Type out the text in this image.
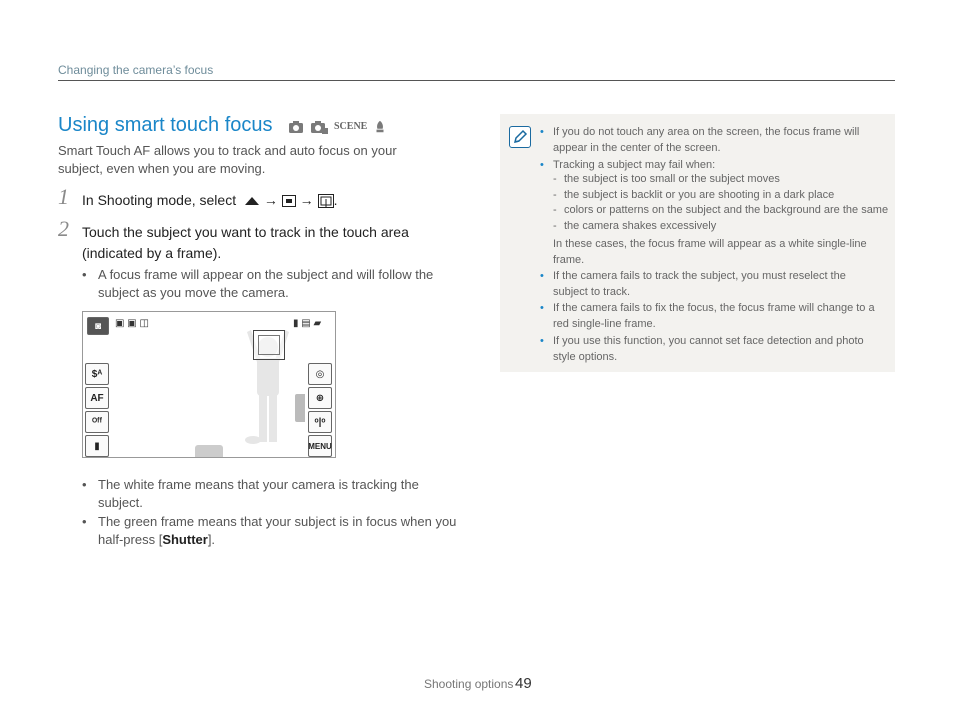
Changing the camera’s focus
Using smart touch focus	SCENE
Smart Touch AF allows you to track and auto focus on your subject, even when you are moving.
1 In Shooting mode, select → → .
2 Touch the subject you want to track in the touch area (indicated by a frame).
• A focus frame will appear on the subject and will follow the subject as you move the camera.
◙	▣ ▣ ◫	▮ ▤ ▰
$ᴬ
AF
ᴼᶠᶠ
▮
◎
⊕
ᵒ|ᵒ
MENU
• The white frame means that your camera is tracking the subject.
• The green frame means that your subject is in focus when you half-press [Shutter].
• If you do not touch any area on the screen, the focus frame will appear in the center of the screen.
• Tracking a subject may fail when:
- the subject is too small or the subject moves
- the subject is backlit or you are shooting in a dark place
- colors or patterns on the subject and the background are the same
- the camera shakes excessively
In these cases, the focus frame will appear as a white single-line frame.
• If the camera fails to track the subject, you must reselect the subject to track.
• If the camera fails to fix the focus, the focus frame will change to a red single-line frame.
• If you use this function, you cannot set face detection and photo style options.
Shooting options 49
